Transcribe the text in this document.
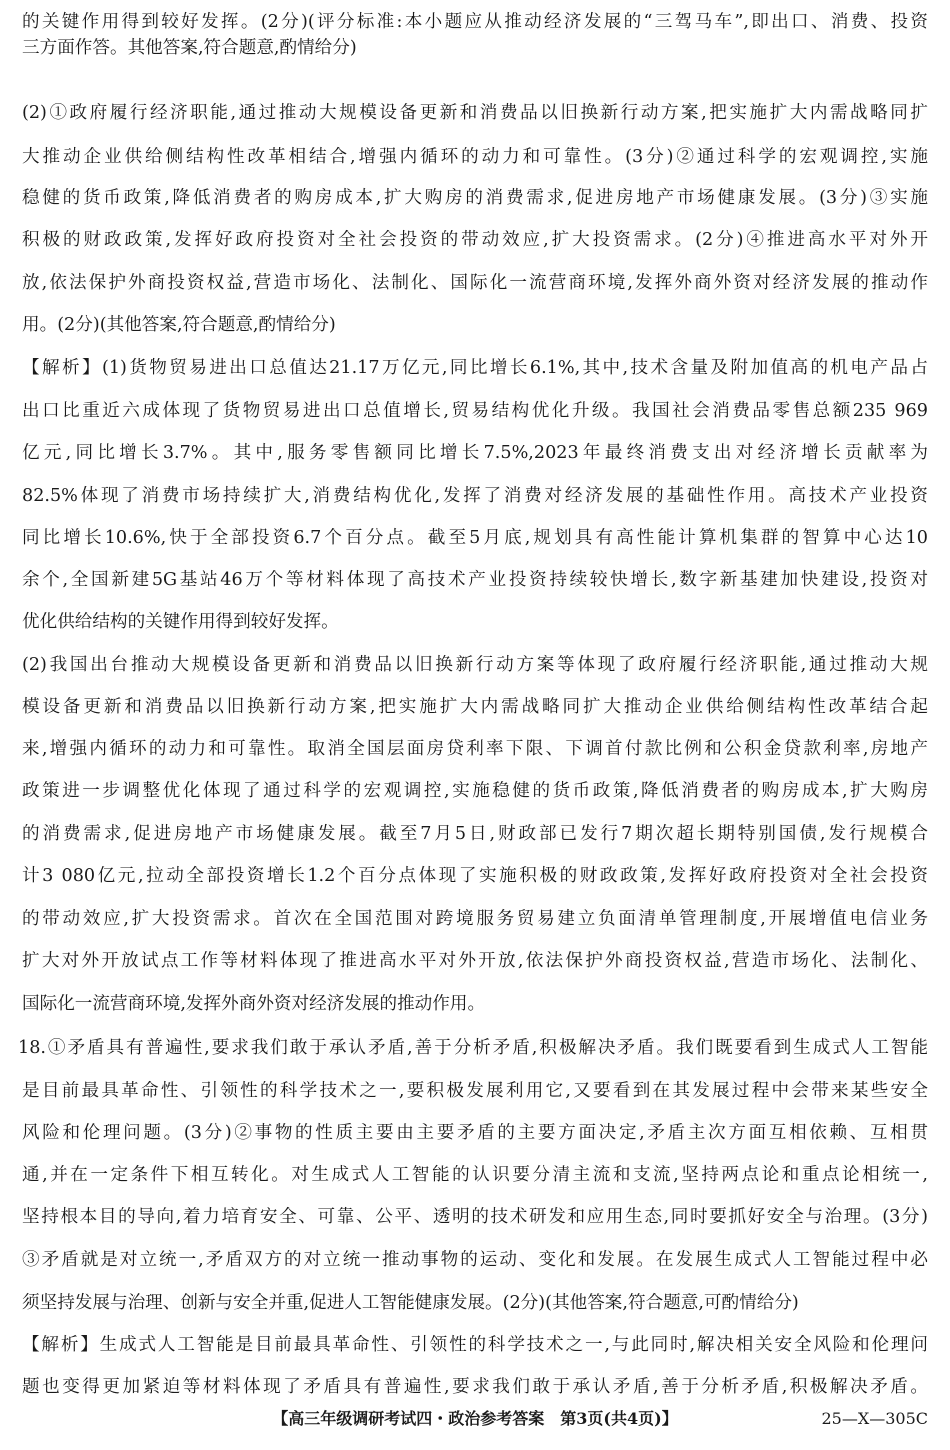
的关键作用得到较好发挥。(2分)(评分标准:本小题应从推动经济发展的“三驾马车”,即出口、消费、投资
三方面作答。其他答案,符合题意,酌情给分)
(2)①政府履行经济职能,通过推动大规模设备更新和消费品以旧换新行动方案,把实施扩大内需战略同扩
大推动企业供给侧结构性改革相结合,增强内循环的动力和可靠性。(3分)②通过科学的宏观调控,实施
稳健的货币政策,降低消费者的购房成本,扩大购房的消费需求,促进房地产市场健康发展。(3分)③实施
积极的财政政策,发挥好政府投资对全社会投资的带动效应,扩大投资需求。(2分)④推进高水平对外开
放,依法保护外商投资权益,营造市场化、法制化、国际化一流营商环境,发挥外商外资对经济发展的推动作
用。(2分)(其他答案,符合题意,酌情给分)
【解析】(1)货物贸易进出口总值达21.17万亿元,同比增长6.1%,其中,技术含量及附加值高的机电产品占
出口比重近六成体现了货物贸易进出口总值增长,贸易结构优化升级。我国社会消费品零售总额235 969
亿元,同比增长3.7%。其中,服务零售额同比增长7.5%,2023年最终消费支出对经济增长贡献率为
82.5%体现了消费市场持续扩大,消费结构优化,发挥了消费对经济发展的基础性作用。高技术产业投资
同比增长10.6%,快于全部投资6.7个百分点。截至5月底,规划具有高性能计算机集群的智算中心达10
余个,全国新建5G基站46万个等材料体现了高技术产业投资持续较快增长,数字新基建加快建设,投资对
优化供给结构的关键作用得到较好发挥。
(2)我国出台推动大规模设备更新和消费品以旧换新行动方案等体现了政府履行经济职能,通过推动大规
模设备更新和消费品以旧换新行动方案,把实施扩大内需战略同扩大推动企业供给侧结构性改革结合起
来,增强内循环的动力和可靠性。取消全国层面房贷利率下限、下调首付款比例和公积金贷款利率,房地产
政策进一步调整优化体现了通过科学的宏观调控,实施稳健的货币政策,降低消费者的购房成本,扩大购房
的消费需求,促进房地产市场健康发展。截至7月5日,财政部已发行7期次超长期特别国债,发行规模合
计3 080亿元,拉动全部投资增长1.2个百分点体现了实施积极的财政政策,发挥好政府投资对全社会投资
的带动效应,扩大投资需求。首次在全国范围对跨境服务贸易建立负面清单管理制度,开展增值电信业务
扩大对外开放试点工作等材料体现了推进高水平对外开放,依法保护外商投资权益,营造市场化、法制化、
国际化一流营商环境,发挥外商外资对经济发展的推动作用。
18.①矛盾具有普遍性,要求我们敢于承认矛盾,善于分析矛盾,积极解决矛盾。我们既要看到生成式人工智能
是目前最具革命性、引领性的科学技术之一,要积极发展利用它,又要看到在其发展过程中会带来某些安全
风险和伦理问题。(3分)②事物的性质主要由主要矛盾的主要方面决定,矛盾主次方面互相依赖、互相贯
通,并在一定条件下相互转化。对生成式人工智能的认识要分清主流和支流,坚持两点论和重点论相统一,
坚持根本目的导向,着力培育安全、可靠、公平、透明的技术研发和应用生态,同时要抓好安全与治理。(3分)
③矛盾就是对立统一,矛盾双方的对立统一推动事物的运动、变化和发展。在发展生成式人工智能过程中必
须坚持发展与治理、创新与安全并重,促进人工智能健康发展。(2分)(其他答案,符合题意,可酌情给分)
【解析】生成式人工智能是目前最具革命性、引领性的科学技术之一,与此同时,解决相关安全风险和伦理问
题也变得更加紧迫等材料体现了矛盾具有普遍性,要求我们敢于承认矛盾,善于分析矛盾,积极解决矛盾。
【高三年级调研考试四・政治参考答案　第3页(共4页)】	25—X—305C
